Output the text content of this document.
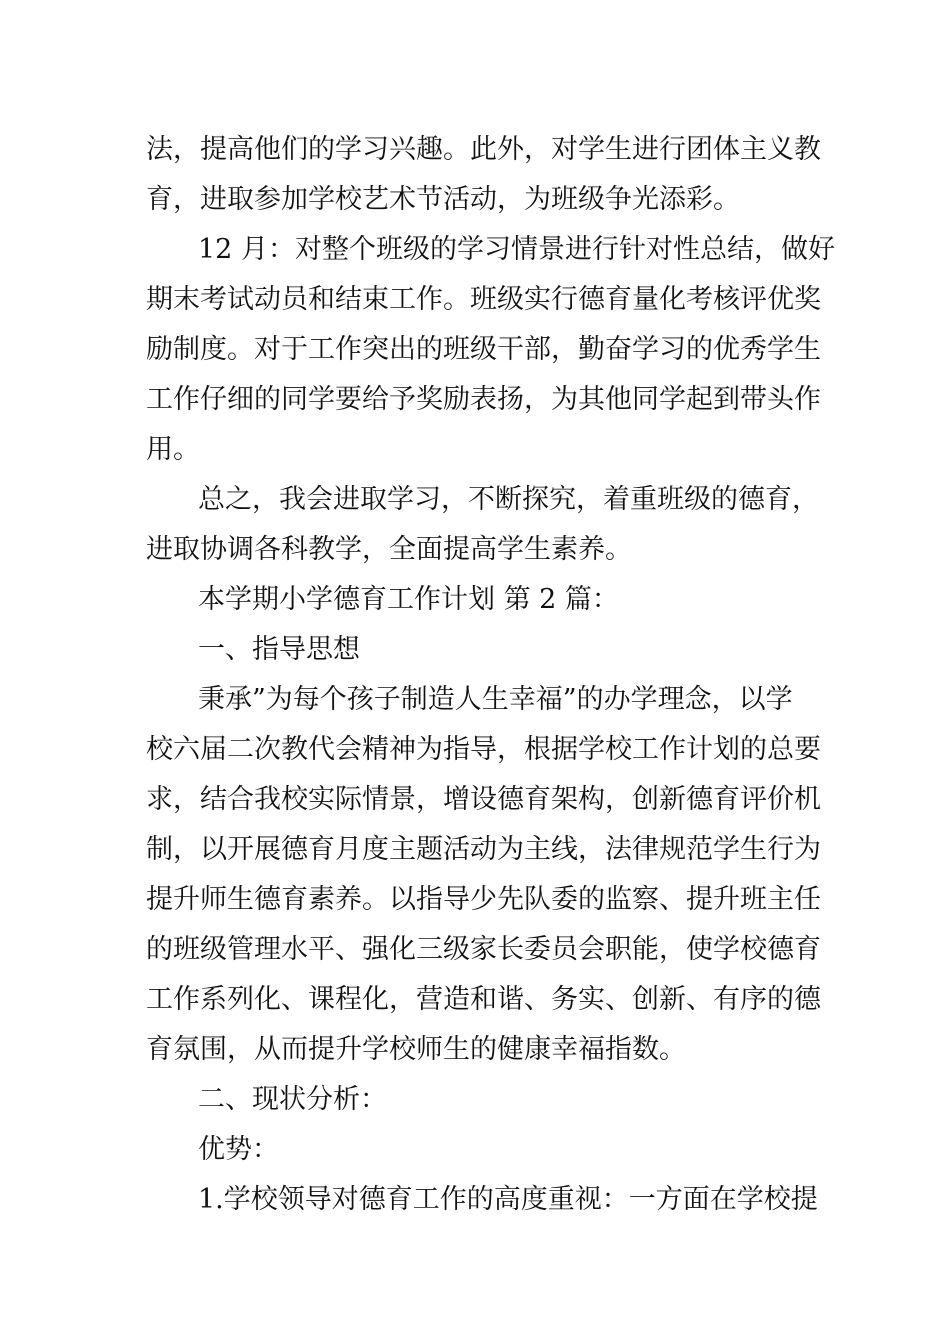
法，提高他们的学习兴趣。此外，对学生进行团体主义教

育，进取参加学校艺术节活动，为班级争光添彩。

12 月：对整个班级的学习情景进行针对性总结，做好

期末考试动员和结束工作。班级实行德育量化考核评优奖

励制度。对于工作突出的班级干部，勤奋学习的优秀学生

工作仔细的同学要给予奖励表扬，为其他同学起到带头作

用。

总之，我会进取学习，不断探究，着重班级的德育，

进取协调各科教学，全面提高学生素养。

本学期小学德育工作计划 第 2 篇：

一、指导思想

秉承”为每个孩子制造人生幸福”的办学理念，以学

校六届二次教代会精神为指导，根据学校工作计划的总要

求，结合我校实际情景，增设德育架构，创新德育评价机

制，以开展德育月度主题活动为主线，法律规范学生行为

提升师生德育素养。以指导少先队委的监察、提升班主任

的班级管理水平、强化三级家长委员会职能，使学校德育

工作系列化、课程化，营造和谐、务实、创新、有序的德

育氛围，从而提升学校师生的健康幸福指数。

二、现状分析：

优势：

1.学校领导对德育工作的高度重视：一方面在学校提
